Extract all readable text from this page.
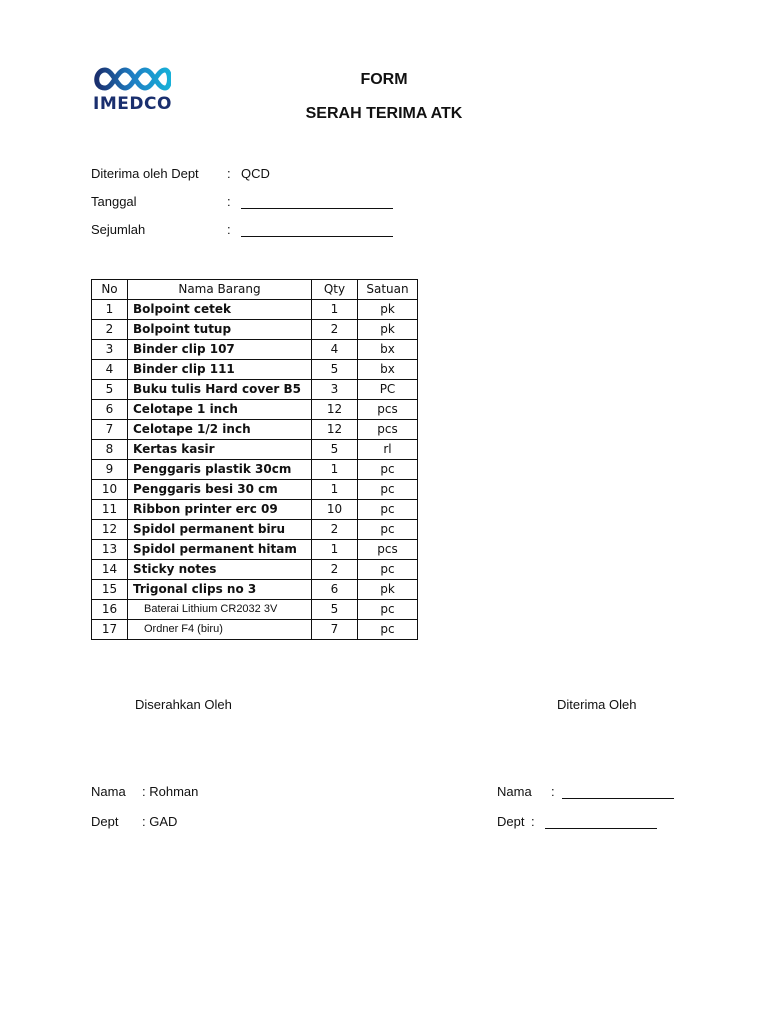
IMEDCO
FORM
SERAH TERIMA ATK
Diterima oleh Dept : QCD
Tanggal	:
Sejumlah	:
No	Nama Barang	Qty	Satuan
1	Bolpoint cetek	1	pk
2	Bolpoint tutup	2	pk
3	Binder clip 107	4	bx
4	Binder clip 111	5	bx
5	Buku tulis Hard cover B5	3	PC
6	Celotape 1 inch	12	pcs
7	Celotape 1/2 inch	12	pcs
8	Kertas kasir	5	rl
9	Penggaris plastik 30cm	1	pc
10	Penggaris besi 30 cm	1	pc
11	Ribbon printer erc 09	10	pc
12	Spidol permanent biru	2	pc
13	Spidol permanent hitam	1	pcs
14	Sticky notes	2	pc
15	Trigonal clips no 3	6	pk
16	Baterai Lithium CR2032 3V	5	pc
17	Ordner F4 (biru)	7	pc
Diserahkan Oleh	Diterima Oleh
Nama : Rohman
Dept : GAD
Nama :
Dept :
